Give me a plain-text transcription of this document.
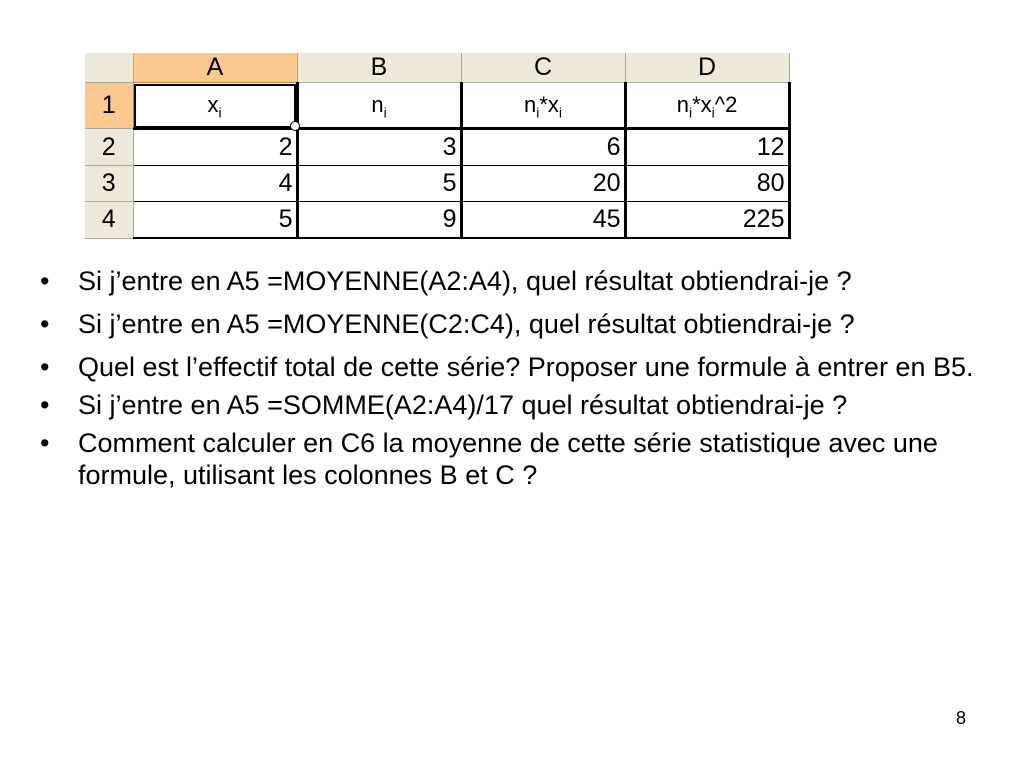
	A	B	C	D
1	$x_i$	$n_i$	$n_i*x_i$	$n_i*x_i\^{}2$
2	2	3	6	12
3	4	5	20	80
4	5	9	45	225
• Si j’entre en A5 =MOYENNE(A2:A4), quel résultat obtiendrai-je ?
• Si j’entre en A5 =MOYENNE(C2:C4), quel résultat obtiendrai-je ?
• Quel est l’effectif total de cette série? Proposer une formule à entrer en B5.
• Si j’entre en A5 =SOMME(A2:A4)/17 quel résultat obtiendrai-je ?
• Comment calculer en C6 la moyenne de cette série statistique avec une formule, utilisant les colonnes B et C ?
8
